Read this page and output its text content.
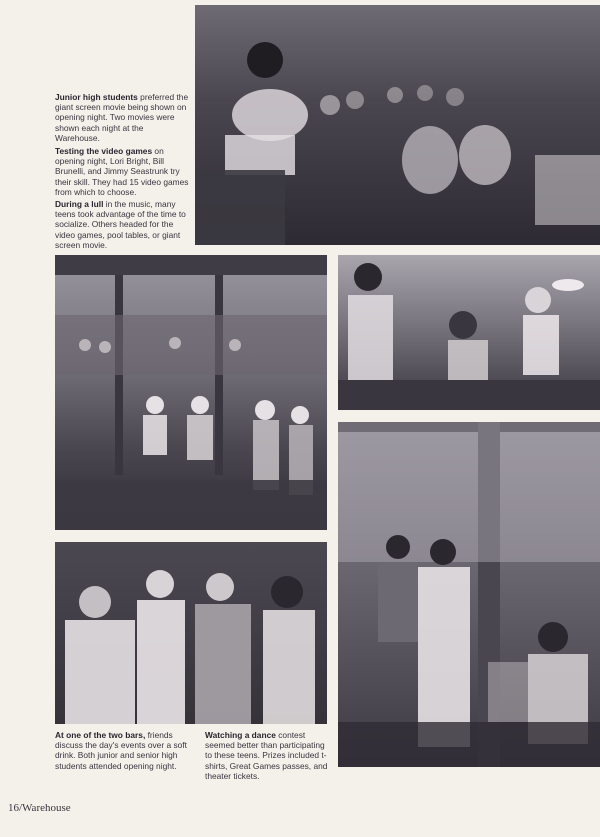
Junior high students preferred the giant screen movie being shown on opening night. Two movies were shown each night at the Warehouse.
Testing the video games on opening night, Lori Bright, Bill Brunelli, and Jimmy Seastrunk try their skill. They had 15 video games from which to choose.
During a lull in the music, many teens took advantage of the time to socialize. Others headed for the video games, pool tables, or giant screen movie.
At one of the two bars, friends discuss the day's events over a soft drink. Both junior and senior high students attended opening night.
Watching a dance contest seemed better than participating to these teens. Prizes included t-shirts, Great Games passes, and theater tickets.
16/Warehouse
